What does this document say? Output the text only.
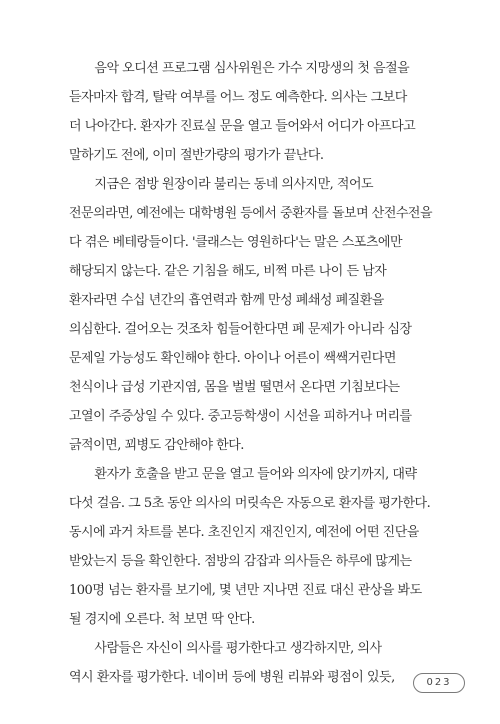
음악 오디션 프로그램 심사위원은 가수 지망생의 첫 음절을
듣자마자 합격, 탈락 여부를 어느 정도 예측한다. 의사는 그보다
더 나아간다. 환자가 진료실 문을 열고 들어와서 어디가 아프다고
말하기도 전에, 이미 절반가량의 평가가 끝난다.
지금은 점방 원장이라 불리는 동네 의사지만, 적어도
전문의라면, 예전에는 대학병원 등에서 중환자를 돌보며 산전수전을
다 겪은 베테랑들이다. '클래스는 영원하다'는 말은 스포츠에만
해당되지 않는다. 같은 기침을 해도, 비쩍 마른 나이 든 남자
환자라면 수십 년간의 흡연력과 함께 만성 폐쇄성 폐질환을
의심한다. 걸어오는 것조차 힘들어한다면 폐 문제가 아니라 심장
문제일 가능성도 확인해야 한다. 아이나 어른이 쌕쌕거린다면
천식이나 급성 기관지염, 몸을 벌벌 떨면서 온다면 기침보다는
고열이 주증상일 수 있다. 중고등학생이 시선을 피하거나 머리를
긁적이면, 꾀병도 감안해야 한다.
환자가 호출을 받고 문을 열고 들어와 의자에 앉기까지, 대략
다섯 걸음. 그 5초 동안 의사의 머릿속은 자동으로 환자를 평가한다.
동시에 과거 차트를 본다. 초진인지 재진인지, 예전에 어떤 진단을
받았는지 등을 확인한다. 점방의 감잡과 의사들은 하루에 많게는
100명 넘는 환자를 보기에, 몇 년만 지나면 진료 대신 관상을 봐도
될 경지에 오른다. 척 보면 딱 안다.
사람들은 자신이 의사를 평가한다고 생각하지만, 의사
역시 환자를 평가한다. 네이버 등에 병원 리뷰와 평점이 있듯,	023
